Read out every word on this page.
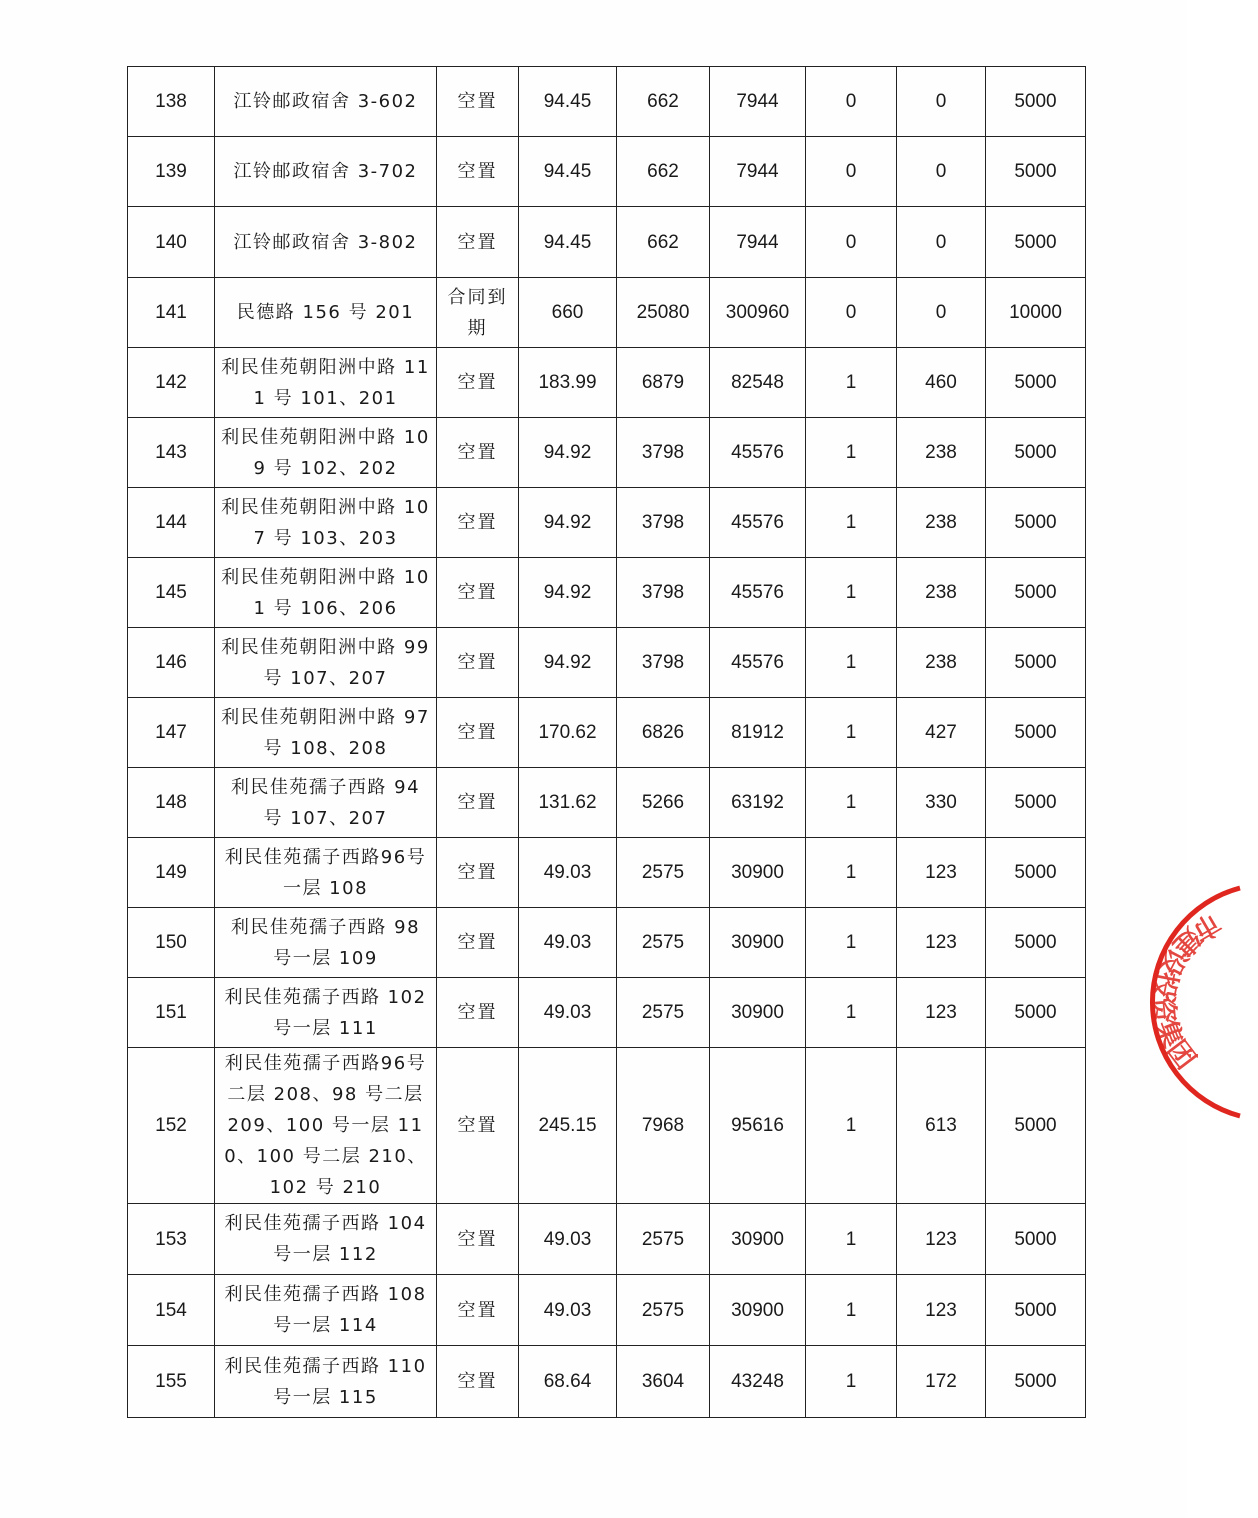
138	江铃邮政宿舍 3-602	空置	94.45	662	7944	0	0	5000
139	江铃邮政宿舍 3-702	空置	94.45	662	7944	0	0	5000
140	江铃邮政宿舍 3-802	空置	94.45	662	7944	0	0	5000
141	民德路 156 号 201	合同到期	660	25080	300960	0	0	10000
142	利民佳苑朝阳洲中路 111 号 101、201	空置	183.99	6879	82548	1	460	5000
143	利民佳苑朝阳洲中路 109 号 102、202	空置	94.92	3798	45576	1	238	5000
144	利民佳苑朝阳洲中路 107 号 103、203	空置	94.92	3798	45576	1	238	5000
145	利民佳苑朝阳洲中路 101 号 106、206	空置	94.92	3798	45576	1	238	5000
146	利民佳苑朝阳洲中路 99 号 107、207	空置	94.92	3798	45576	1	238	5000
147	利民佳苑朝阳洲中路 97 号 108、208	空置	170.62	6826	81912	1	427	5000
148	利民佳苑孺子西路 94 号 107、207	空置	131.62	5266	63192	1	330	5000
149	利民佳苑孺子西路96号一层 108	空置	49.03	2575	30900	1	123	5000
150	利民佳苑孺子西路 98 号一层 109	空置	49.03	2575	30900	1	123	5000
151	利民佳苑孺子西路 102 号一层 111	空置	49.03	2575	30900	1	123	5000
152	利民佳苑孺子西路96号二层 208、98 号二层 209、100 号一层 110、100 号二层 210、102 号 210	空置	245.15	7968	95616	1	613	5000
153	利民佳苑孺子西路 104 号一层 112	空置	49.03	2575	30900	1	123	5000
154	利民佳苑孺子西路 108 号一层 114	空置	49.03	2575	30900	1	123	5000
155	利民佳苑孺子西路 110 号一层 115	空置	68.64	3604	43248	1	172	5000
市建设投资集团
